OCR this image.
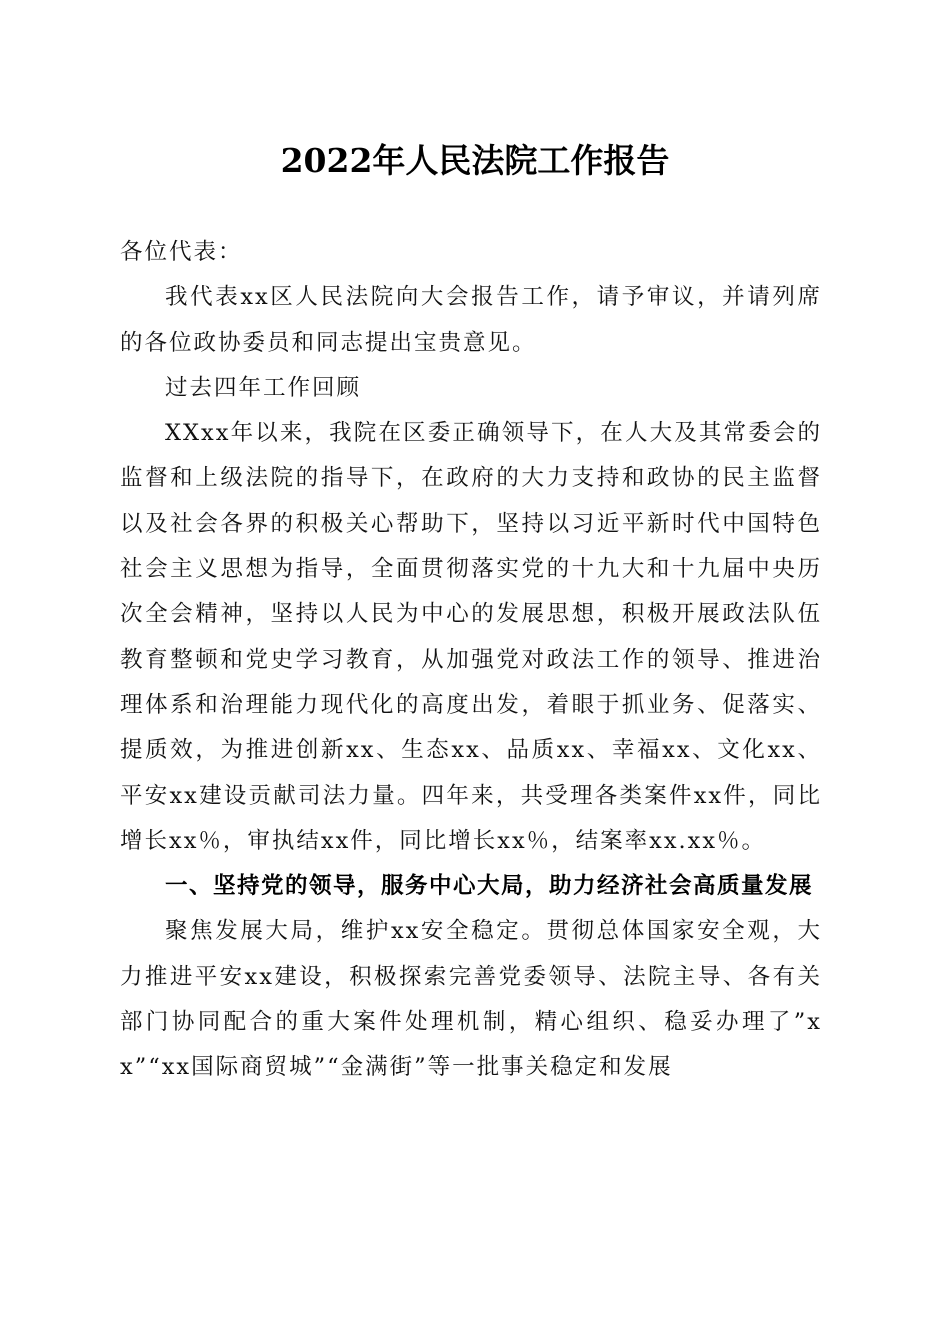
2022年人民法院工作报告

各位代表：

我代表xx区人民法院向大会报告工作，请予审议，并请列席的各位政协委员和同志提出宝贵意见。

过去四年工作回顾

XXxx年以来，我院在区委正确领导下，在人大及其常委会的监督和上级法院的指导下，在政府的大力支持和政协的民主监督以及社会各界的积极关心帮助下，坚持以习近平新时代中国特色社会主义思想为指导，全面贯彻落实党的十九大和十九届中央历次全会精神，坚持以人民为中心的发展思想，积极开展政法队伍教育整顿和党史学习教育，从加强党对政法工作的领导、推进治理体系和治理能力现代化的高度出发，着眼于抓业务、促落实、提质效，为推进创新xx、生态xx、品质xx、幸福xx、文化xx、平安xx建设贡献司法力量。四年来，共受理各类案件xx件，同比增长xx％，审执结xx件，同比增长xx％，结案率xx.xx％。

一、坚持党的领导，服务中心大局，助力经济社会高质量发展

聚焦发展大局，维护xx安全稳定。贯彻总体国家安全观，大力推进平安xx建设，积极探索完善党委领导、法院主导、各有关部门协同配合的重大案件处理机制，精心组织、稳妥办理了”xx”“xx国际商贸城”“金满街”等一批事关稳定和发展
